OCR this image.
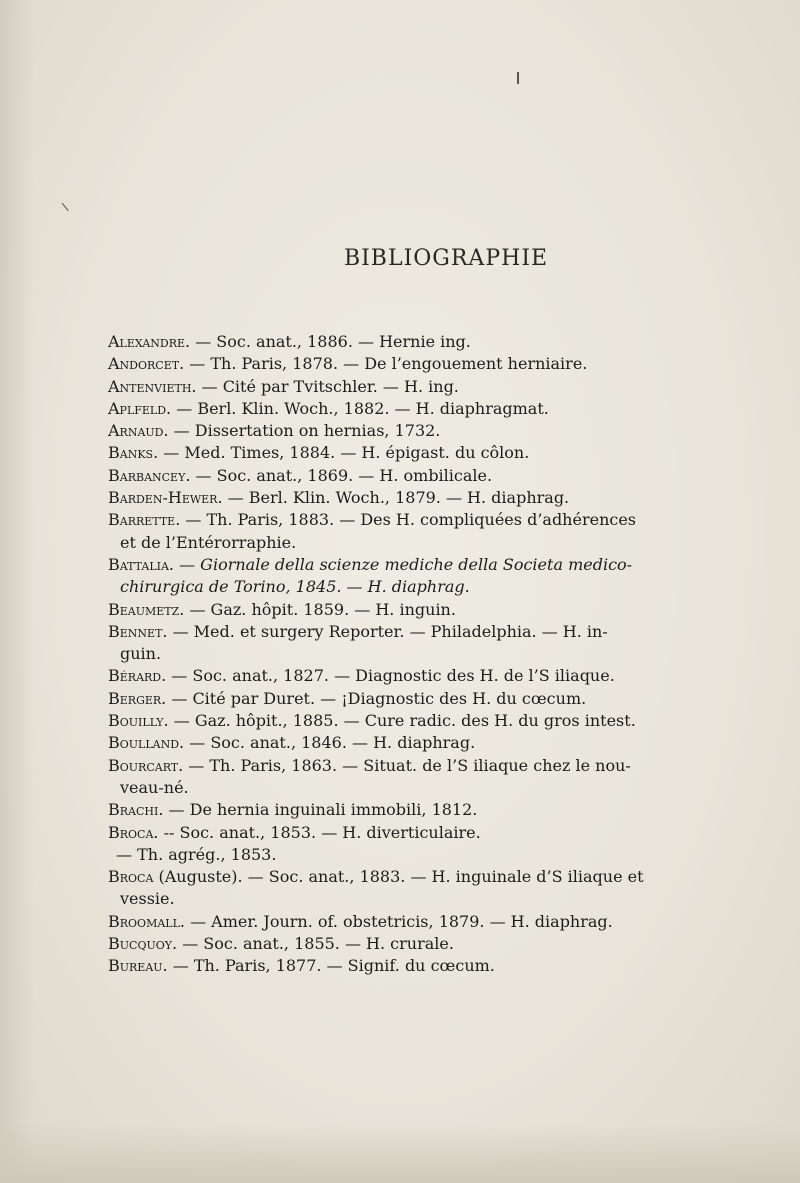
BIBLIOGRAPHIE
Alexandre. — Soc. anat., 1886. — Hernie ing.
Andorcet. — Th. Paris, 1878. — De l’engouement herniaire.
Antenvieth. — Cité par Tvitschler. — H. ing.
Aplfeld. — Berl. Klin. Woch., 1882. — H. diaphragmat.
Arnaud. — Dissertation on hernias, 1732.
Banks. — Med. Times, 1884. — H. épigast. du côlon.
Barbancey. — Soc. anat., 1869. — H. ombilicale.
Barden-Hewer. — Berl. Klin. Woch., 1879. — H. diaphrag.
Barrette. — Th. Paris, 1883. — Des H. compliquées d’adhérences
et de l’Entérorraphie.
Battalia. — Giornale della scienze mediche della Societa medico-
chirurgica de Torino, 1845. — H. diaphrag.
Beaumetz. — Gaz. hôpit. 1859. — H. inguin.
Bennet. — Med. et surgery Reporter. — Philadelphia. — H. in-
guin.
Bérard. — Soc. anat., 1827. — Diagnostic des H. de l’S iliaque.
Berger. — Cité par Duret. — ¡Diagnostic des H. du cœcum.
Bouilly. — Gaz. hôpit., 1885. — Cure radic. des H. du gros intest.
Boulland. — Soc. anat., 1846. — H. diaphrag.
Bourcart. — Th. Paris, 1863. — Situat. de l’S iliaque chez le nou-
veau-né.
Brachi. — De hernia inguinali immobili, 1812.
Broca. -- Soc. anat., 1853. — H. diverticulaire.
— Th. agrég., 1853.
Broca (Auguste). — Soc. anat., 1883. — H. inguinale d’S iliaque et
vessie.
Broomall. — Amer. Journ. of. obstetricis, 1879. — H. diaphrag.
Bucquoy. — Soc. anat., 1855. — H. crurale.
Bureau. — Th. Paris, 1877. — Signif. du cœcum.
